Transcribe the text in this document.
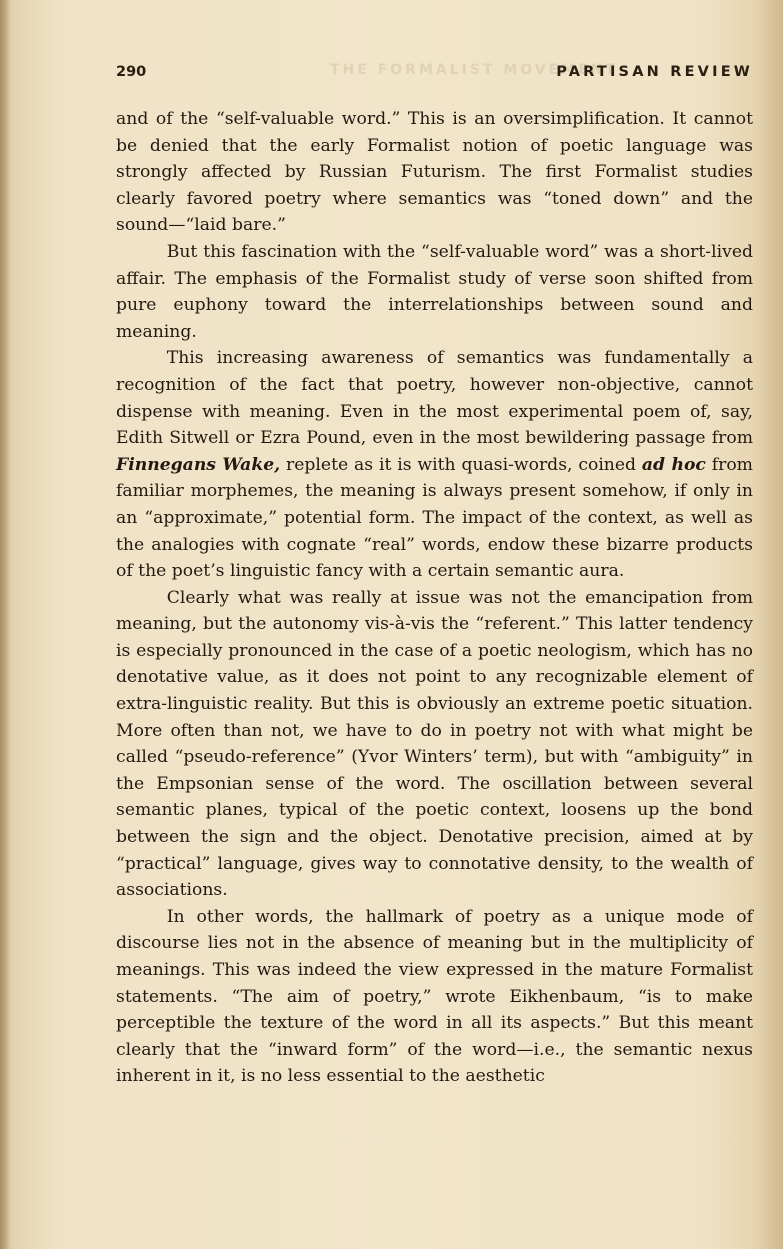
THE FORMALIST MOVEMENT
290	PARTISAN REVIEW

and of the “self-valuable word.” This is an oversimplification. It cannot be denied that the early Formalist notion of poetic language was strongly affected by Russian Futurism. The first Formalist studies clearly favored poetry where semantics was “toned down” and the sound—“laid bare.”

But this fascination with the “self-valuable word” was a short-lived affair. The emphasis of the Formalist study of verse soon shifted from pure euphony toward the interrelationships between sound and meaning.

This increasing awareness of semantics was fundamentally a recognition of the fact that poetry, however non-objective, cannot dispense with meaning. Even in the most experimental poem of, say, Edith Sitwell or Ezra Pound, even in the most bewildering passage from Finnegans Wake, replete as it is with quasi-words, coined ad hoc from familiar morphemes, the meaning is always present somehow, if only in an “approximate,” potential form. The impact of the context, as well as the analogies with cognate “real” words, endow these bizarre products of the poet’s linguistic fancy with a certain semantic aura.

Clearly what was really at issue was not the emancipation from meaning, but the autonomy vis-à-vis the “referent.” This latter tendency is especially pronounced in the case of a poetic neologism, which has no denotative value, as it does not point to any recognizable element of extra-linguistic reality. But this is obviously an extreme poetic situation. More often than not, we have to do in poetry not with what might be called “pseudo-reference” (Yvor Winters’ term), but with “ambiguity” in the Empsonian sense of the word. The oscillation between several semantic planes, typical of the poetic context, loosens up the bond between the sign and the object. Denotative precision, aimed at by “practical” language, gives way to connotative density, to the wealth of associations.

In other words, the hallmark of poetry as a unique mode of discourse lies not in the absence of meaning but in the multiplicity of meanings. This was indeed the view expressed in the mature Formalist statements. “The aim of poetry,” wrote Eikhenbaum, “is to make perceptible the texture of the word in all its aspects.” But this meant clearly that the “inward form” of the word—i.e., the semantic nexus inherent in it, is no less essential to the aesthetic
